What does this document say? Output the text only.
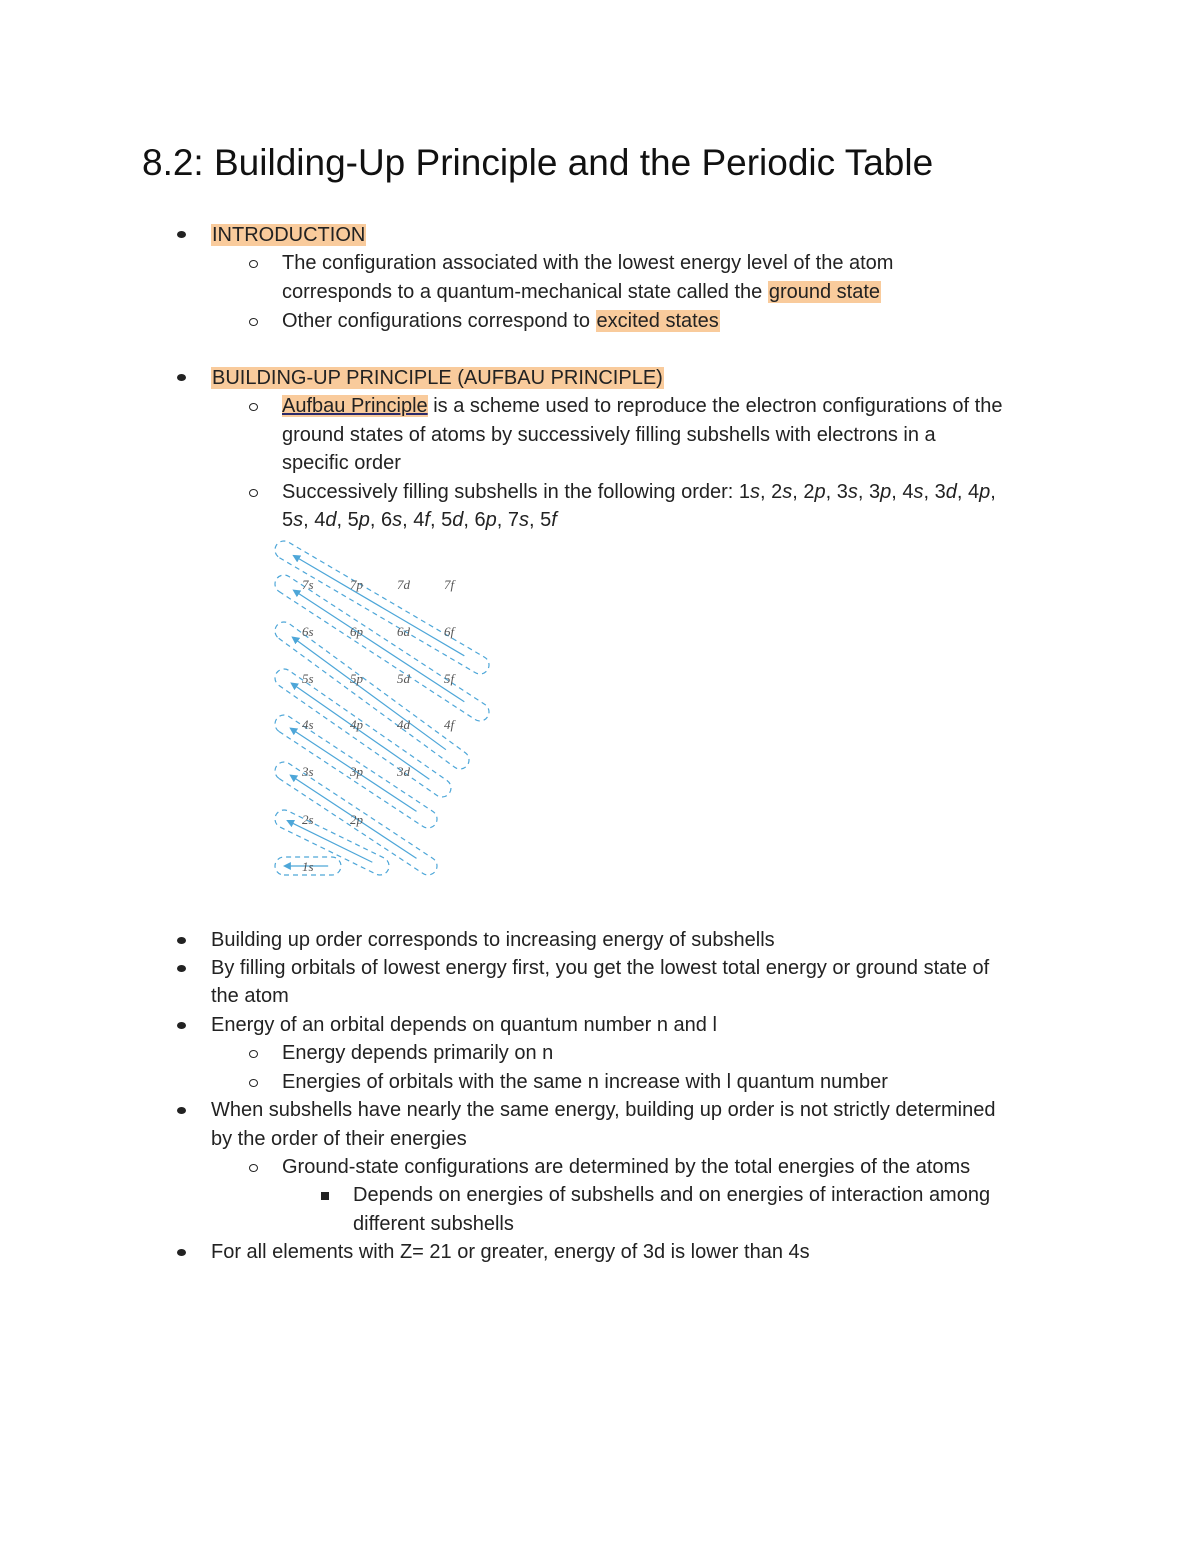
8.2: Building-Up Principle and the Periodic Table
INTRODUCTION
The configuration associated with the lowest energy level of the atom
corresponds to a quantum-mechanical state called the ground state
Other configurations correspond to excited states
BUILDING-UP PRINCIPLE (AUFBAU PRINCIPLE)
Aufbau Principle is a scheme used to reproduce the electron configurations of the
ground states of atoms by successively filling subshells with electrons in a
specific order
Successively filling subshells in the following order: 1s, 2s, 2p, 3s, 3p, 4s, 3d, 4p,
5s, 4d, 5p, 6s, 4f, 5d, 6p, 7s, 5f
7s	7p	7d	7f
6s	6p	6d	6f
5s	5p	5d	5f
4s	4p	4d	4f
3s	3p	3d
2s	2p
1s
Building up order corresponds to increasing energy of subshells
By filling orbitals of lowest energy first, you get the lowest total energy or ground state of
the atom
Energy of an orbital depends on quantum number n and l
Energy depends primarily on n
Energies of orbitals with the same n increase with l quantum number
When subshells have nearly the same energy, building up order is not strictly determined
by the order of their energies
Ground-state configurations are determined by the total energies of the atoms
Depends on energies of subshells and on energies of interaction among
different subshells
For all elements with Z= 21 or greater, energy of 3d is lower than 4s
